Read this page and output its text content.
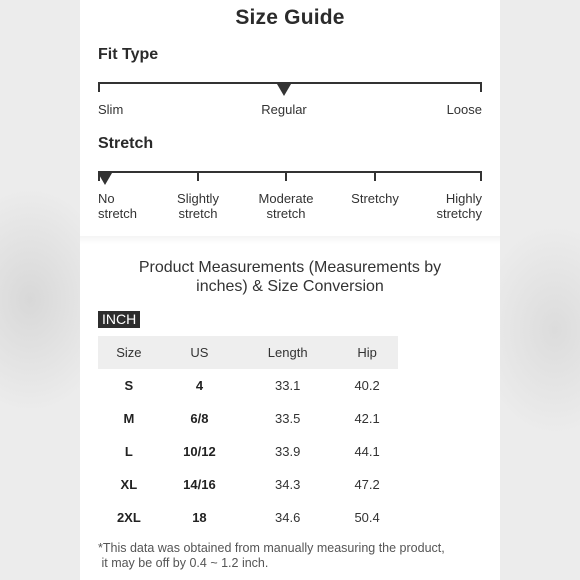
Size Guide
Fit Type
Slim	Regular	Loose
Stretch
No
stretch
Slightly
stretch
Moderate
stretch
Stretchy	Highly
stretchy
Product Measurements (Measurements by
inches) & Size Conversion
INCH
Size	US	Length	Hip
S	4	33.1	40.2
M	6/8	33.5	42.1
L	10/12	33.9	44.1
XL	14/16	34.3	47.2
2XL	18	34.6	50.4
*This data was obtained from manually measuring the product,
it may be off by 0.4 ~ 1.2 inch.
